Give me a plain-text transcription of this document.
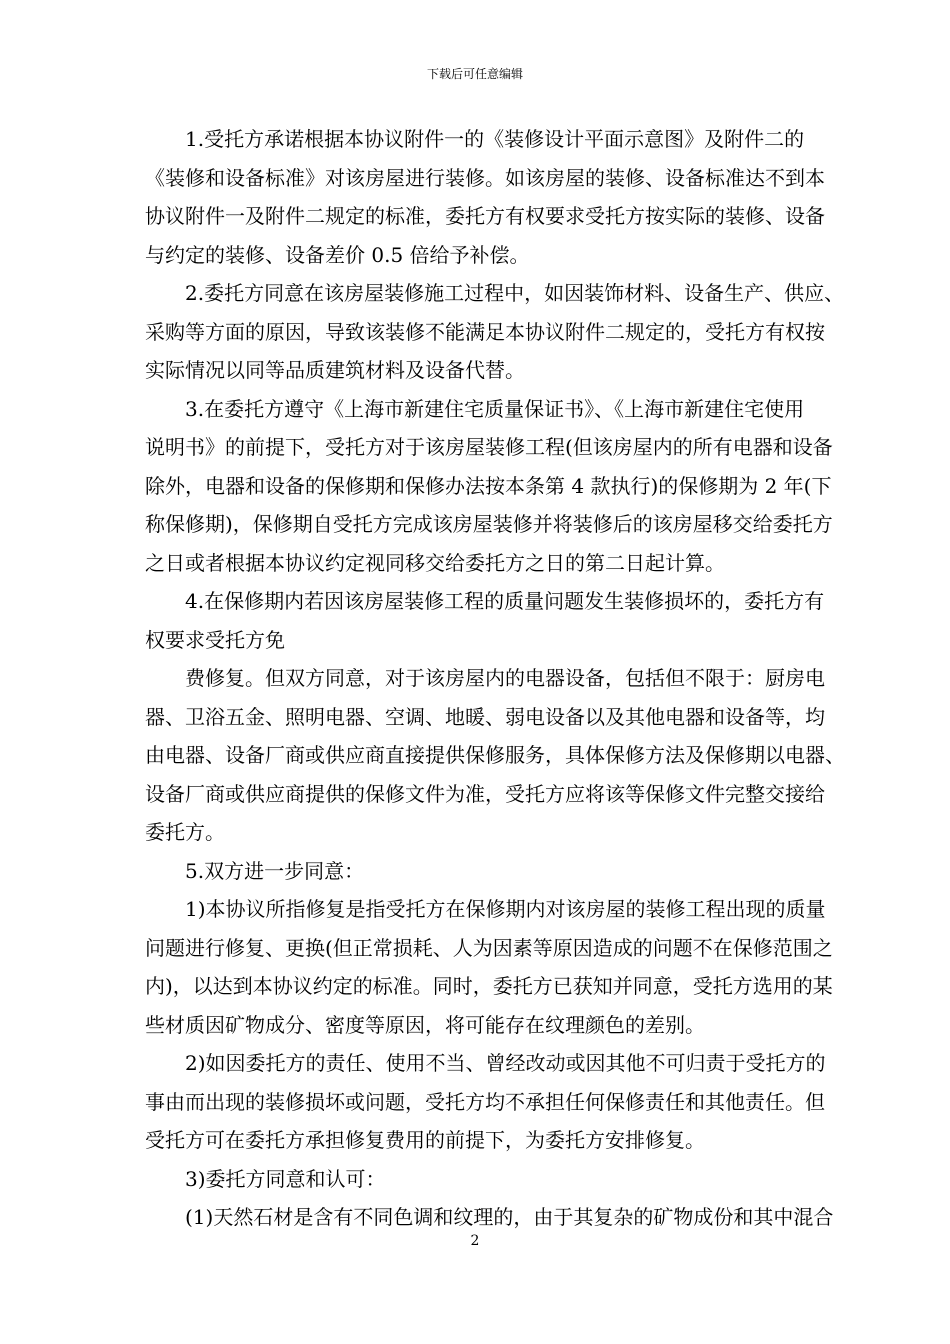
下载后可任意编辑
1.受托方承诺根据本协议附件一的《装修设计平面示意图》及附件二的
《装修和设备标准》对该房屋进行装修。如该房屋的装修、设备标准达不到本
协议附件一及附件二规定的标准，委托方有权要求受托方按实际的装修、设备
与约定的装修、设备差价 0.5 倍给予补偿。
2.委托方同意在该房屋装修施工过程中，如因装饰材料、设备生产、供应、
采购等方面的原因，导致该装修不能满足本协议附件二规定的，受托方有权按
实际情况以同等品质建筑材料及设备代替。
3.在委托方遵守《上海市新建住宅质量保证书》、《上海市新建住宅使用
说明书》的前提下，受托方对于该房屋装修工程(但该房屋内的所有电器和设备
除外，电器和设备的保修期和保修办法按本条第 4 款执行)的保修期为 2 年(下
称保修期)，保修期自受托方完成该房屋装修并将装修后的该房屋移交给委托方
之日或者根据本协议约定视同移交给委托方之日的第二日起计算。
4.在保修期内若因该房屋装修工程的质量问题发生装修损坏的，委托方有
权要求受托方免
费修复。但双方同意，对于该房屋内的电器设备，包括但不限于：厨房电
器、卫浴五金、照明电器、空调、地暖、弱电设备以及其他电器和设备等，均
由电器、设备厂商或供应商直接提供保修服务，具体保修方法及保修期以电器、
设备厂商或供应商提供的保修文件为准，受托方应将该等保修文件完整交接给
委托方。
5.双方进一步同意：
1)本协议所指修复是指受托方在保修期内对该房屋的装修工程出现的质量
问题进行修复、更换(但正常损耗、人为因素等原因造成的问题不在保修范围之
内)，以达到本协议约定的标准。同时，委托方已获知并同意，受托方选用的某
些材质因矿物成分、密度等原因，将可能存在纹理颜色的差别。
2)如因委托方的责任、使用不当、曾经改动或因其他不可归责于受托方的
事由而出现的装修损坏或问题，受托方均不承担任何保修责任和其他责任。但
受托方可在委托方承担修复费用的前提下，为委托方安排修复。
3)委托方同意和认可：
(1)天然石材是含有不同色调和纹理的，由于其复杂的矿物成份和其中混合
2
